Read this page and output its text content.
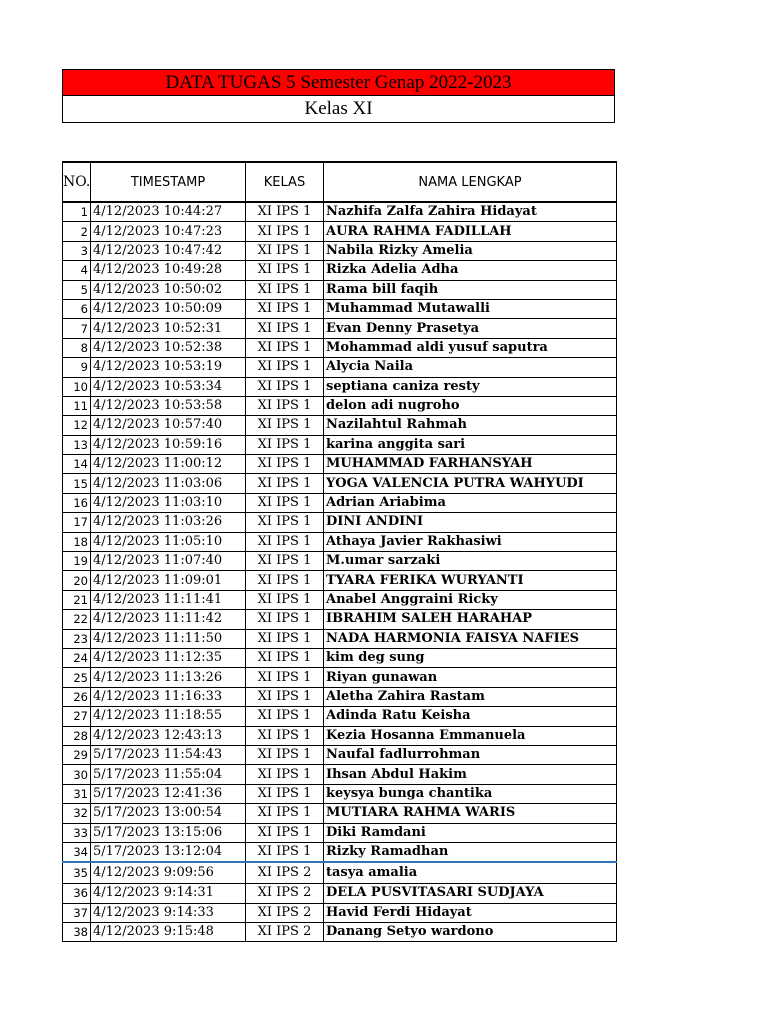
DATA TUGAS 5 Semester Genap 2022-2023
Kelas XI
NO.	TIMESTAMP	KELAS	NAMA LENGKAP
1	4/12/2023 10:44:27	XI IPS 1	Nazhifa Zalfa Zahira Hidayat
2	4/12/2023 10:47:23	XI IPS 1	AURA RAHMA FADILLAH
3	4/12/2023 10:47:42	XI IPS 1	Nabila Rizky Amelia
4	4/12/2023 10:49:28	XI IPS 1	Rizka Adelia Adha
5	4/12/2023 10:50:02	XI IPS 1	Rama bill faqih
6	4/12/2023 10:50:09	XI IPS 1	Muhammad Mutawalli
7	4/12/2023 10:52:31	XI IPS 1	Evan Denny Prasetya
8	4/12/2023 10:52:38	XI IPS 1	Mohammad aldi yusuf saputra
9	4/12/2023 10:53:19	XI IPS 1	Alycia Naila
10	4/12/2023 10:53:34	XI IPS 1	septiana caniza resty
11	4/12/2023 10:53:58	XI IPS 1	delon adi nugroho
12	4/12/2023 10:57:40	XI IPS 1	Nazilahtul Rahmah
13	4/12/2023 10:59:16	XI IPS 1	karina anggita sari
14	4/12/2023 11:00:12	XI IPS 1	MUHAMMAD FARHANSYAH
15	4/12/2023 11:03:06	XI IPS 1	YOGA VALENCIA PUTRA WAHYUDI
16	4/12/2023 11:03:10	XI IPS 1	Adrian Ariabima
17	4/12/2023 11:03:26	XI IPS 1	DINI ANDINI
18	4/12/2023 11:05:10	XI IPS 1	Athaya Javier Rakhasiwi
19	4/12/2023 11:07:40	XI IPS 1	M.umar sarzaki
20	4/12/2023 11:09:01	XI IPS 1	TYARA FERIKA WURYANTI
21	4/12/2023 11:11:41	XI IPS 1	Anabel Anggraini Ricky
22	4/12/2023 11:11:42	XI IPS 1	IBRAHIM SALEH HARAHAP
23	4/12/2023 11:11:50	XI IPS 1	NADA HARMONIA FAISYA NAFIES
24	4/12/2023 11:12:35	XI IPS 1	kim deg sung
25	4/12/2023 11:13:26	XI IPS 1	Riyan gunawan
26	4/12/2023 11:16:33	XI IPS 1	Aletha Zahira Rastam
27	4/12/2023 11:18:55	XI IPS 1	Adinda Ratu Keisha
28	4/12/2023 12:43:13	XI IPS 1	Kezia Hosanna Emmanuela
29	5/17/2023 11:54:43	XI IPS 1	Naufal fadlurrohman
30	5/17/2023 11:55:04	XI IPS 1	Ihsan Abdul Hakim
31	5/17/2023 12:41:36	XI IPS 1	keysya bunga chantika
32	5/17/2023 13:00:54	XI IPS 1	MUTIARA RAHMA WARIS
33	5/17/2023 13:15:06	XI IPS 1	Diki Ramdani
34	5/17/2023 13:12:04	XI IPS 1	Rizky Ramadhan
35	4/12/2023 9:09:56	XI IPS 2	tasya amalia
36	4/12/2023 9:14:31	XI IPS 2	DELA PUSVITASARI SUDJAYA
37	4/12/2023 9:14:33	XI IPS 2	Havid Ferdi Hidayat
38	4/12/2023 9:15:48	XI IPS 2	Danang Setyo wardono
